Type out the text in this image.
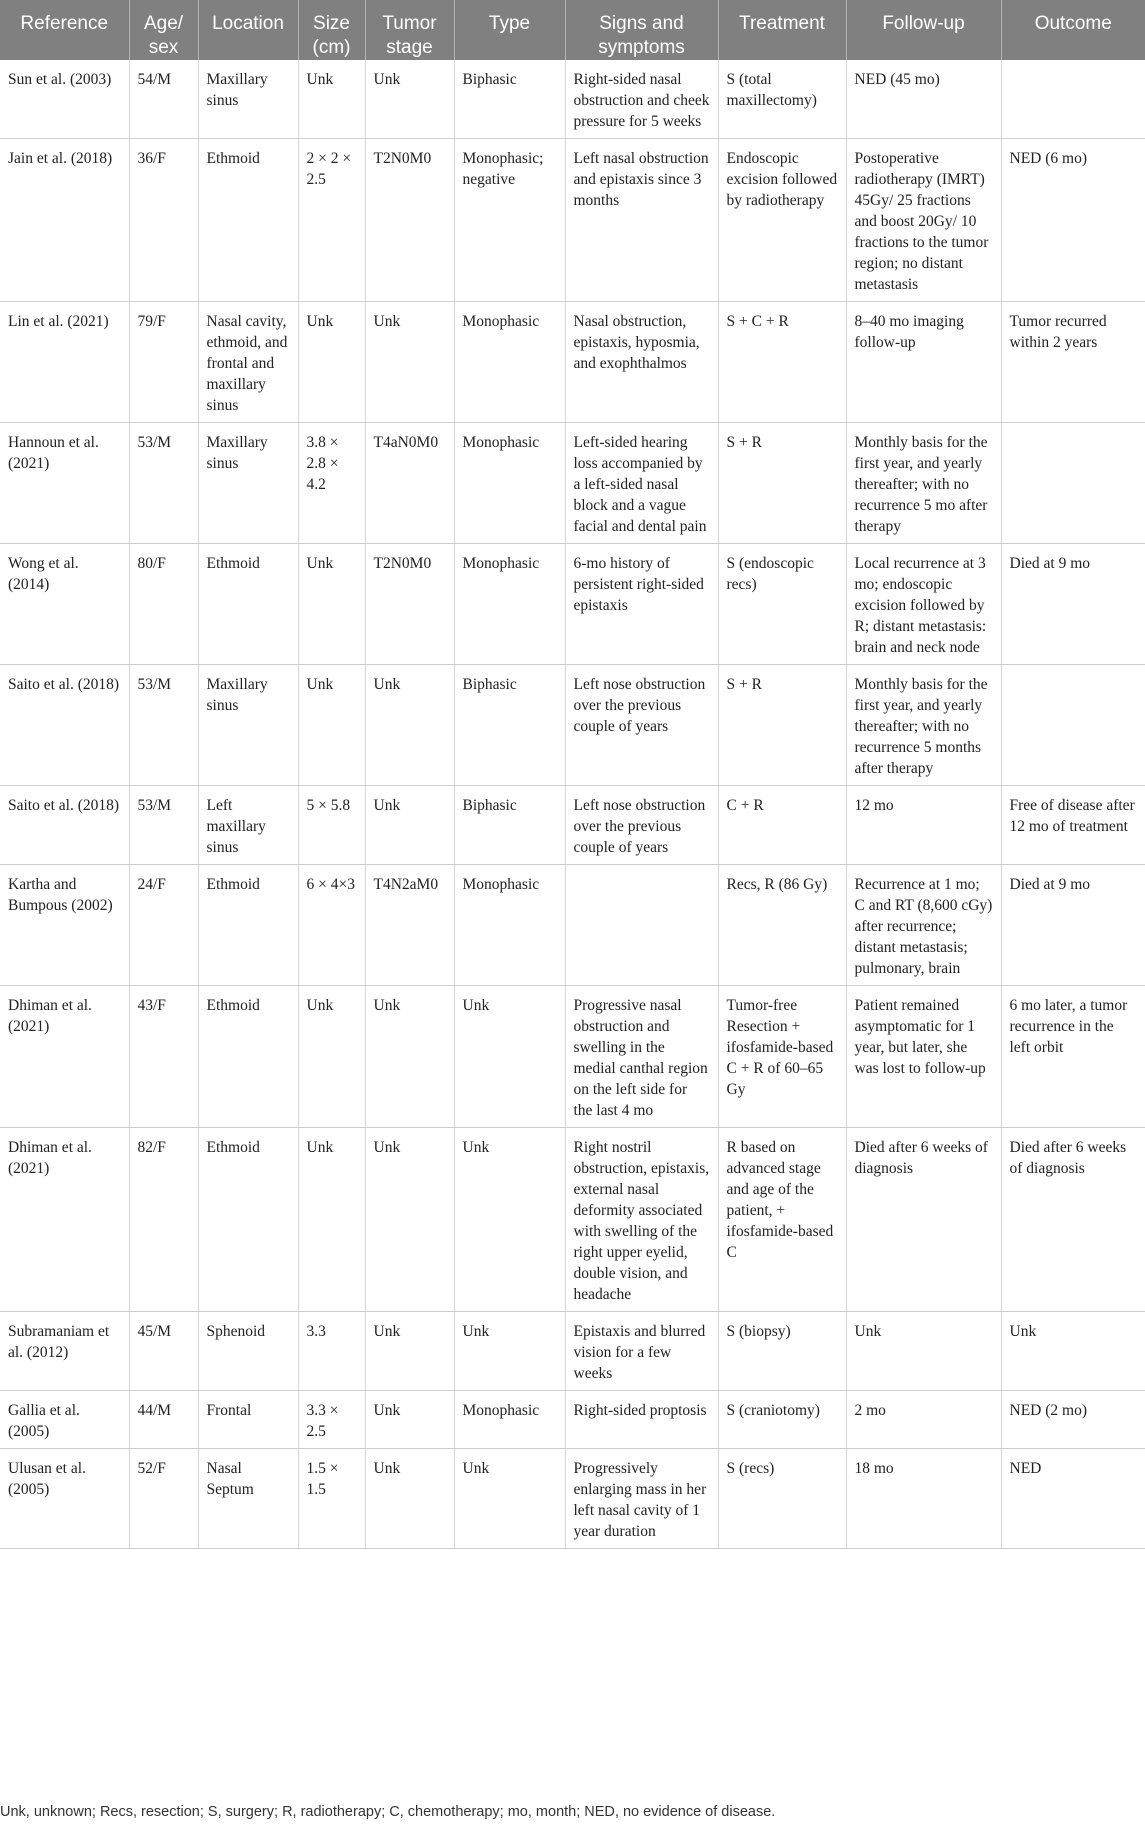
Reference	Age/ sex	Location	Size (cm)	Tumor stage	Type	Signs and symptoms	Treatment	Follow-up	Outcome
Sun et al. (2003)	54/M	Maxillary sinus	Unk	Unk	Biphasic	Right-sided nasal obstruction and cheek pressure for 5 weeks	S (total maxillectomy)	NED (45 mo)	
Jain et al. (2018)	36/F	Ethmoid	2 × 2 × 2.5	T2N0M0	Monophasic; negative	Left nasal obstruction and epistaxis since 3 months	Endoscopic excision followed by radiotherapy	Postoperative radiotherapy (IMRT) 45Gy/ 25 fractions and boost 20Gy/ 10 fractions to the tumor region; no distant metastasis	NED (6 mo)
Lin et al. (2021)	79/F	Nasal cavity, ethmoid, and frontal and maxillary sinus	Unk	Unk	Monophasic	Nasal obstruction, epistaxis, hyposmia, and exophthalmos	S + C + R	8–40 mo imaging follow-up	Tumor recurred within 2 years
Hannoun et al. (2021)	53/M	Maxillary sinus	3.8 × 2.8 × 4.2	T4aN0M0	Monophasic	Left-sided hearing loss accompanied by a left-sided nasal block and a vague facial and dental pain	S + R	Monthly basis for the first year, and yearly thereafter; with no recurrence 5 mo after therapy	
Wong et al. (2014)	80/F	Ethmoid	Unk	T2N0M0	Monophasic	6-mo history of persistent right-sided epistaxis	S (endoscopic recs)	Local recurrence at 3 mo; endoscopic excision followed by R; distant metastasis: brain and neck node	Died at 9 mo
Saito et al. (2018)	53/M	Maxillary sinus	Unk	Unk	Biphasic	Left nose obstruction over the previous couple of years	S + R	Monthly basis for the first year, and yearly thereafter; with no recurrence 5 months after therapy	
Saito et al. (2018)	53/M	Left maxillary sinus	5 × 5.8	Unk	Biphasic	Left nose obstruction over the previous couple of years	C + R	12 mo	Free of disease after 12 mo of treatment
Kartha and Bumpous (2002)	24/F	Ethmoid	6 × 4×3	T4N2aM0	Monophasic		Recs, R (86 Gy)	Recurrence at 1 mo; C and RT (8,600 cGy) after recurrence; distant metastasis; pulmonary, brain	Died at 9 mo
Dhiman et al. (2021)	43/F	Ethmoid	Unk	Unk	Unk	Progressive nasal obstruction and swelling in the medial canthal region on the left side for the last 4 mo	Tumor-free Resection + ifosfamide-based C + R of 60–65 Gy	Patient remained asymptomatic for 1 year, but later, she was lost to follow-up	6 mo later, a tumor recurrence in the left orbit
Dhiman et al. (2021)	82/F	Ethmoid	Unk	Unk	Unk	Right nostril obstruction, epistaxis, external nasal deformity associated with swelling of the right upper eyelid, double vision, and headache	R based on advanced stage and age of the patient, + ifosfamide-based C	Died after 6 weeks of diagnosis	Died after 6 weeks of diagnosis
Subramaniam et al. (2012)	45/M	Sphenoid	3.3	Unk	Unk	Epistaxis and blurred vision for a few weeks	S (biopsy)	Unk	Unk
Gallia et al. (2005)	44/M	Frontal	3.3 × 2.5	Unk	Monophasic	Right-sided proptosis	S (craniotomy)	2 mo	NED (2 mo)
Ulusan et al. (2005)	52/F	Nasal Septum	1.5 × 1.5	Unk	Unk	Progressively enlarging mass in her left nasal cavity of 1 year duration	S (recs)	18 mo	NED
Unk, unknown; Recs, resection; S, surgery; R, radiotherapy; C, chemotherapy; mo, month; NED, no evidence of disease.
